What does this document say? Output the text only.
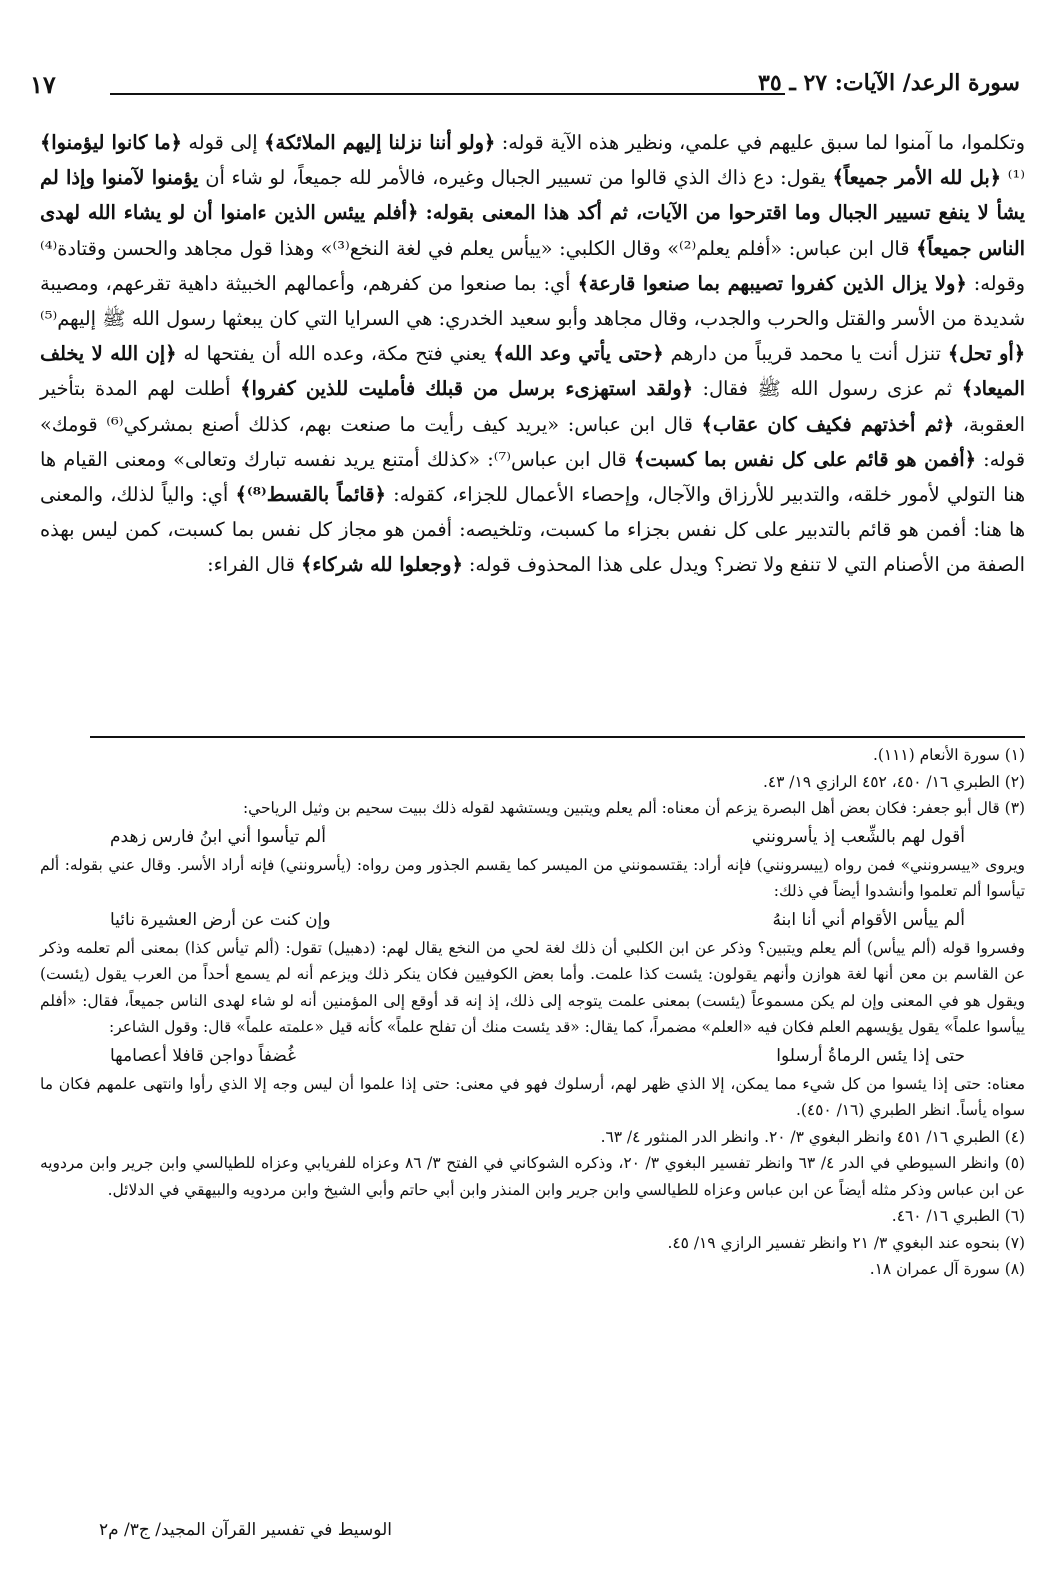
سورة الرعد/ الآيات: ٢٧ ـ ٣٥
١٧

وتكلموا، ما آمنوا لما سبق عليهم في علمي، ونظير هذه الآية قوله: ﴿ولو أننا نزلنا إليهم الملائكة﴾ إلى قوله ﴿ما كانوا ليؤمنوا﴾⁽¹⁾ ﴿بل لله الأمر جميعاً﴾ يقول: دع ذاك الذي قالوا من تسيير الجبال وغيره، فالأمر لله جميعاً، لو شاء أن يؤمنوا لآمنوا وإذا لم يشأ لا ينفع تسيير الجبال وما اقترحوا من الآيات، ثم أكد هذا المعنى بقوله: ﴿أفلم ييئس الذين ءامنوا أن لو يشاء الله لهدى الناس جميعاً﴾ قال ابن عباس: «أفلم يعلم⁽²⁾» وقال الكلبي: «ييأس يعلم في لغة النخع⁽³⁾» وهذا قول مجاهد والحسن وقتادة⁽⁴⁾ وقوله: ﴿ولا يزال الذين كفروا تصيبهم بما صنعوا قارعة﴾ أي: بما صنعوا من كفرهم، وأعمالهم الخبيثة داهية تقرعهم، ومصيبة شديدة من الأسر والقتل والحرب والجدب، وقال مجاهد وأبو سعيد الخدري: هي السرايا التي كان يبعثها رسول الله ﷺ إليهم⁽⁵⁾ ﴿أو تحل﴾ تنزل أنت يا محمد قريباً من دارهم ﴿حتى يأتي وعد الله﴾ يعني فتح مكة، وعده الله أن يفتحها له ﴿إن الله لا يخلف الميعاد﴾ ثم عزى رسول الله ﷺ فقال: ﴿ولقد استهزىء برسل من قبلك فأمليت للذين كفروا﴾ أطلت لهم المدة بتأخير العقوبة، ﴿ثم أخذتهم فكيف كان عقاب﴾ قال ابن عباس: «يريد كيف رأيت ما صنعت بهم، كذلك أصنع بمشركي⁽⁶⁾ قومك» قوله: ﴿أفمن هو قائم على كل نفس بما كسبت﴾ قال ابن عباس⁽⁷⁾: «كذلك أمتنع يريد نفسه تبارك وتعالى» ومعنى القيام ها هنا التولي لأمور خلقه، والتدبير للأرزاق والآجال، وإحصاء الأعمال للجزاء، كقوله: ﴿قائماً بالقسط⁽⁸⁾﴾ أي: والياً لذلك، والمعنى ها هنا: أفمن هو قائم بالتدبير على كل نفس بجزاء ما كسبت، وتلخيصه: أفمن هو مجاز كل نفس بما كسبت، كمن ليس بهذه الصفة من الأصنام التي لا تنفع ولا تضر؟ ويدل على هذا المحذوف قوله: ﴿وجعلوا لله شركاء﴾ قال الفراء:

(١) سورة الأنعام (١١١).

(٢) الطبري ١٦/ ٤٥٠، ٤٥٢ الرازي ١٩/ ٤٣.

(٣) قال أبو جعفر: فكان بعض أهل البصرة يزعم أن معناه: ألم يعلم ويتبين ويستشهد لقوله ذلك ببيت سحيم بن وثيل الرياحي:

أقول لهم بالشِّعب إذ يأسرونني
ألم تيأسوا أني ابنُ فارس زهدم

ويروى «ييسرونني» فمن رواه (ييسرونني) فإنه أراد: يقتسمونني من الميسر كما يقسم الجذور ومن رواه: (يأسرونني) فإنه أراد الأسر. وقال عني بقوله: ألم تيأسوا ألم تعلموا وأنشدوا أيضاً في ذلك:

ألم ييأس الأقوام أني أنا ابنهُ
وإن كنت عن أرض العشيرة نائيا

وفسروا قوله (ألم ييأس) ألم يعلم ويتبين؟ وذكر عن ابن الكلبي أن ذلك لغة لحي من النخع يقال لهم: (دهبيل) تقول: (ألم تيأس كذا) بمعنى ألم تعلمه وذكر عن القاسم بن معن أنها لغة هوازن وأنهم يقولون: يئست كذا علمت. وأما بعض الكوفيين فكان ينكر ذلك ويزعم أنه لم يسمع أحداً من العرب يقول (يئست) ويقول هو في المعنى وإن لم يكن مسموعاً (يئست) بمعنى علمت يتوجه إلى ذلك، إذ إنه قد أوقع إلى المؤمنين أنه لو شاء لهدى الناس جميعاً، فقال: «أفلم ييأسوا علماً» يقول يؤيسهم العلم فكان فيه «العلم» مضمراً، كما يقال: «قد يئست منك أن تفلح علماً» كأنه قيل «علمته علماً» قال: وقول الشاعر:

حتى إذا يئس الرماةُ أرسلوا
غُضفاً دواجن قافلا أعصامها

معناه: حتى إذا يئسوا من كل شيء مما يمكن، إلا الذي ظهر لهم، أرسلوك فهو في معنى: حتى إذا علموا أن ليس وجه إلا الذي رأوا وانتهى علمهم فكان ما سواه يأساً. انظر الطبري (١٦/ ٤٥٠).

(٤) الطبري ١٦/ ٤٥١ وانظر البغوي ٣/ ٢٠. وانظر الدر المنثور ٤/ ٦٣.

(٥) وانظر السيوطي في الدر ٤/ ٦٣ وانظر تفسير البغوي ٣/ ٢٠، وذكره الشوكاني في الفتح ٣/ ٨٦ وعزاه للفريابي وعزاه للطيالسي وابن جرير وابن مردويه عن ابن عباس وذكر مثله أيضاً عن ابن عباس وعزاه للطيالسي وابن جرير وابن المنذر وابن أبي حاتم وأبي الشيخ وابن مردويه والبيهقي في الدلائل.

(٦) الطبري ١٦/ ٤٦٠.

(٧) بنحوه عند البغوي ٣/ ٢١ وانظر تفسير الرازي ١٩/ ٤٥.

(٨) سورة آل عمران ١٨.

الوسيط في تفسير القرآن المجيد/ ج٣/ م٢
